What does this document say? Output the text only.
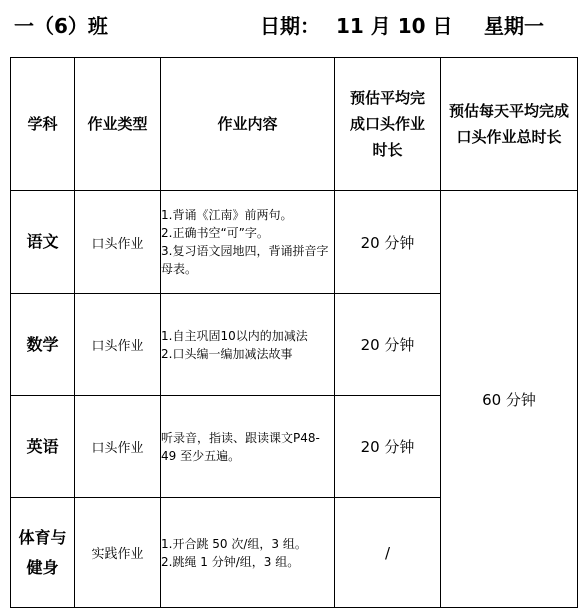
一（6）班	日期： 11 月 10 日 星期一
学科	作业类型	作业内容	预估平均完成口头作业时长	预估每天平均完成口头作业总时长
语文	口头作业	1.背诵《江南》前两句。
2.正确书空“可”字。
3.复习语文园地四，背诵拼音字母表。	20 分钟	60 分钟
数学	口头作业	1.自主巩固10以内的加减法
2.口头编一编加减法故事	20 分钟	
英语	口头作业	听录音，指读、跟读课文P48-49 至少五遍。	20 分钟	
体育与健身	实践作业	1.开合跳 50 次/组，3 组。
2.跳绳 1 分钟/组，3 组。	/	
